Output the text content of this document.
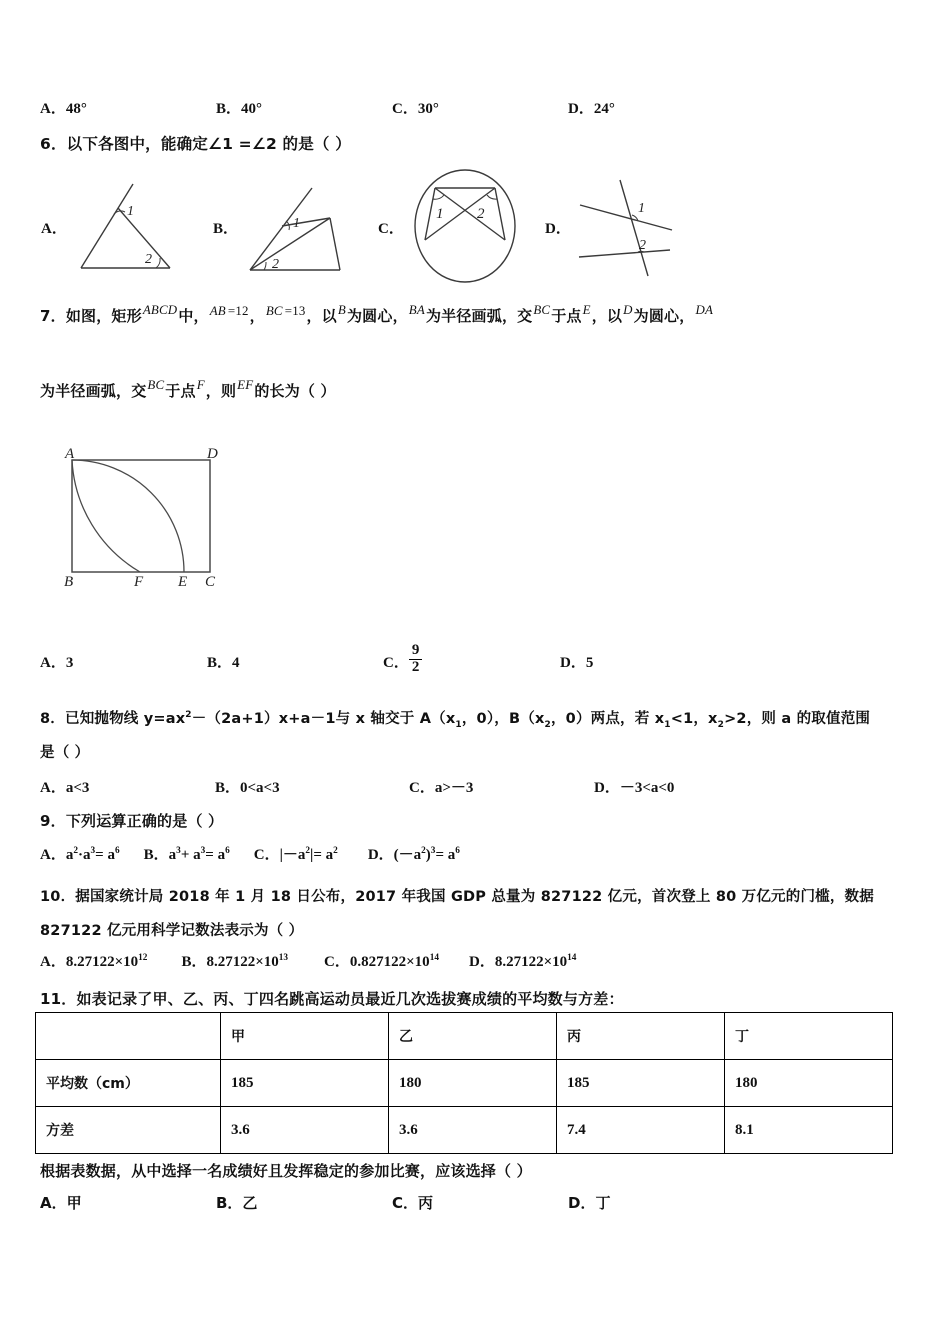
A．48°	B．40°	C．30°	D．24°
6．以下各图中，能确定∠1 =∠2 的是（ ）
A．
1
2
B．	1
2
C．
1 2
D．
1
2
7．如图，矩形ABCD中，AB =12，BC =13，以B为圆心，BA为半径画弧，交BC于点E，以D为圆心，DA
为半径画弧，交BC于点F，则EF的长为（ ）
A	D
B	C
F E
A．3	B．4	C． $\frac{9}{2}$	D．5
8．已知抛物线 $y=ax^2-(2a+1)x+a-1$与 x 轴交于 $A(x_1$，0），$B(x_2$，0）两点，若 $x_1<1$，$x_2>2$，则 a 的取值范围
是（ ）
A．a<3	B．0<a<3	C．a>－3	D．－3<a<0
9．下列运算正确的是（ ）
A．$a^2\cdot a^3= a^6$ B．$a^3+ a^3= a^6$ C．$|-a^2|= a^2$ D．$(-a^2)^3= a^6$
10．据国家统计局 2018 年 1 月 18 日公布，2017 年我国 GDP 总量为 827122 亿元，首次登上 80 万亿元的门槛，数据
827122 亿元用科学记数法表示为（ ）
A．$8.27122\times 10^{12}$ B．$8.27122\times 10^{13}$ C．$0.827122\times 10^{14}$ D．$8.27122\times 10^{14}$
11．如表记录了甲、乙、丙、丁四名跳高运动员最近几次选拔赛成绩的平均数与方差：
	甲	乙	丙	丁
平均数（cm）	185	180	185	180
方差	3.6	3.6	7.4	8.1
根据表数据，从中选择一名成绩好且发挥稳定的参加比赛，应该选择（ ）
A．甲	B．乙	C．丙	D．丁
